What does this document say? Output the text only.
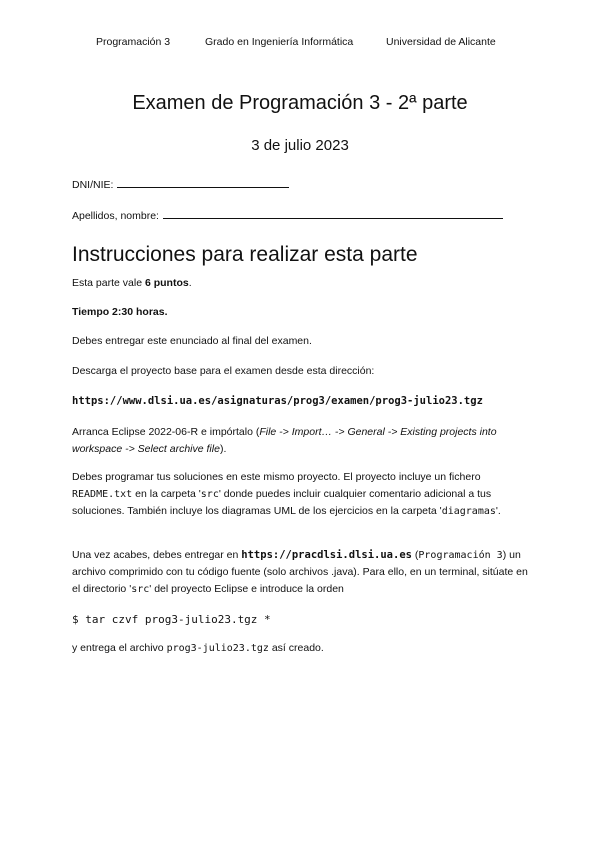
Programación 3	Grado en Ingeniería Informática	Universidad de Alicante
Examen de Programación 3 - 2ª parte
3 de julio 2023
DNI/NIE:
Apellidos, nombre:
Instrucciones para realizar esta parte
Esta parte vale 6 puntos.
Tiempo 2:30 horas.
Debes entregar este enunciado al final del examen.
Descarga el proyecto base para el examen desde esta dirección:
https://www.dlsi.ua.es/asignaturas/prog3/examen/prog3-julio23.tgz
Arranca Eclipse 2022-06-R e impórtalo (File -> Import… -> General -> Existing projects into workspace -> Select archive file).
Debes programar tus soluciones en este mismo proyecto. El proyecto incluye un fichero README.txt en la carpeta 'src' donde puedes incluir cualquier comentario adicional a tus soluciones. También incluye los diagramas UML de los ejercicios en la carpeta 'diagramas'.
Una vez acabes, debes entregar en https://pracdlsi.dlsi.ua.es (Programación 3) un archivo comprimido con tu código fuente (solo archivos .java). Para ello, en un terminal, sitúate en el directorio 'src' del proyecto Eclipse e introduce la orden
$ tar czvf prog3-julio23.tgz *
y entrega el archivo prog3-julio23.tgz así creado.
